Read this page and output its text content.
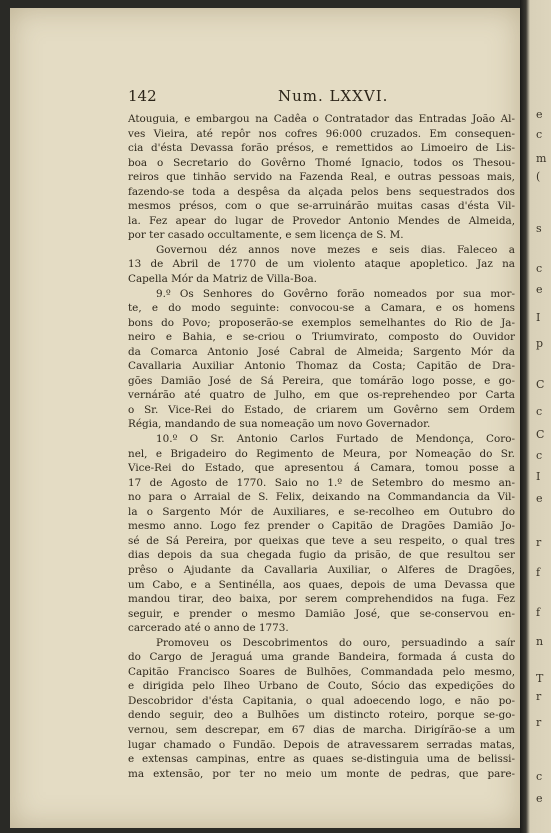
142	Num. LXXVI.
Atouguia, e embargou na Cadêa o Contratador das Entradas João Al-
ves Vieira, até repôr nos cofres 96:000 cruzados. Em consequen-
cia d'ésta Devassa forão présos, e remettidos ao Limoeiro de Lis-
boa o Secretario do Govêrno Thomé Ignacio, todos os Thesou-
reiros que tinhão servido na Fazenda Real, e outras pessoas mais,
fazendo-se toda a despêsa da alçada pelos bens sequestrados dos
mesmos présos, com o que se-arruinárão muitas casas d'ésta Vil-
la. Fez apear do lugar de Provedor Antonio Mendes de Almeida,
por ter casado occultamente, e sem licença de S. M.
Governou déz annos nove mezes e seis dias. Faleceo a
13 de Abril de 1770 de um violento ataque apopletico. Jaz na
Capella Mór da Matriz de Villa-Boa.
9.º Os Senhores do Govêrno forão nomeados por sua mor-
te, e do modo seguinte: convocou-se a Camara, e os homens
bons do Povo; proposerão-se exemplos semelhantes do Rio de Ja-
neiro e Bahia, e se-criou o Triumvirato, composto do Ouvidor
da Comarca Antonio José Cabral de Almeida; Sargento Mór da
Cavallaria Auxiliar Antonio Thomaz da Costa; Capitão de Dra-
gões Damião José de Sá Pereira, que tomárão logo posse, e go-
vernárão até quatro de Julho, em que os-reprehendeo por Carta
o Sr. Vice-Rei do Estado, de criarem um Govêrno sem Ordem
Régia, mandando de sua nomeação um novo Governador.
10.º O Sr. Antonio Carlos Furtado de Mendonça, Coro-
nel, e Brigadeiro do Regimento de Meura, por Nomeação do Sr.
Vice-Rei do Estado, que apresentou á Camara, tomou posse a
17 de Agosto de 1770. Saio no 1.º de Setembro do mesmo an-
no para o Arraial de S. Felix, deixando na Commandancia da Vil-
la o Sargento Mór de Auxiliares, e se-recolheo em Outubro do
mesmo anno. Logo fez prender o Capitão de Dragões Damião Jo-
sé de Sá Pereira, por queixas que teve a seu respeito, o qual tres
dias depois da sua chegada fugio da prisão, de que resultou ser
prêso o Ajudante da Cavallaria Auxiliar, o Alferes de Dragões,
um Cabo, e a Sentinélla, aos quaes, depois de uma Devassa que
mandou tirar, deo baixa, por serem comprehendidos na fuga. Fez
seguir, e prender o mesmo Damião José, que se-conservou en-
carcerado até o anno de 1773.
Promoveu os Descobrimentos do ouro, persuadindo a saír
do Cargo de Jeraguá uma grande Bandeira, formada á custa do
Capitão Francisco Soares de Bulhões, Commandada pelo mesmo,
e dirigida pelo Ilheo Urbano de Couto, Sócio das expedições do
Descobridor d'ésta Capitania, o qual adoecendo logo, e não po-
dendo seguir, deo a Bulhões um distincto roteiro, porque se-go-
vernou, sem descrepar, em 67 dias de marcha. Dirigírão-se a um
lugar chamado o Fundão. Depois de atravessarem serradas matas,
e extensas campinas, entre as quaes se-distinguia uma de belissi-
ma extensão, por ter no meio um monte de pedras, que pare-
e
c
m
(
s
c
e
I
p
C
c
C
c
I
e
r
f
f
n
T
r
r
c
e
